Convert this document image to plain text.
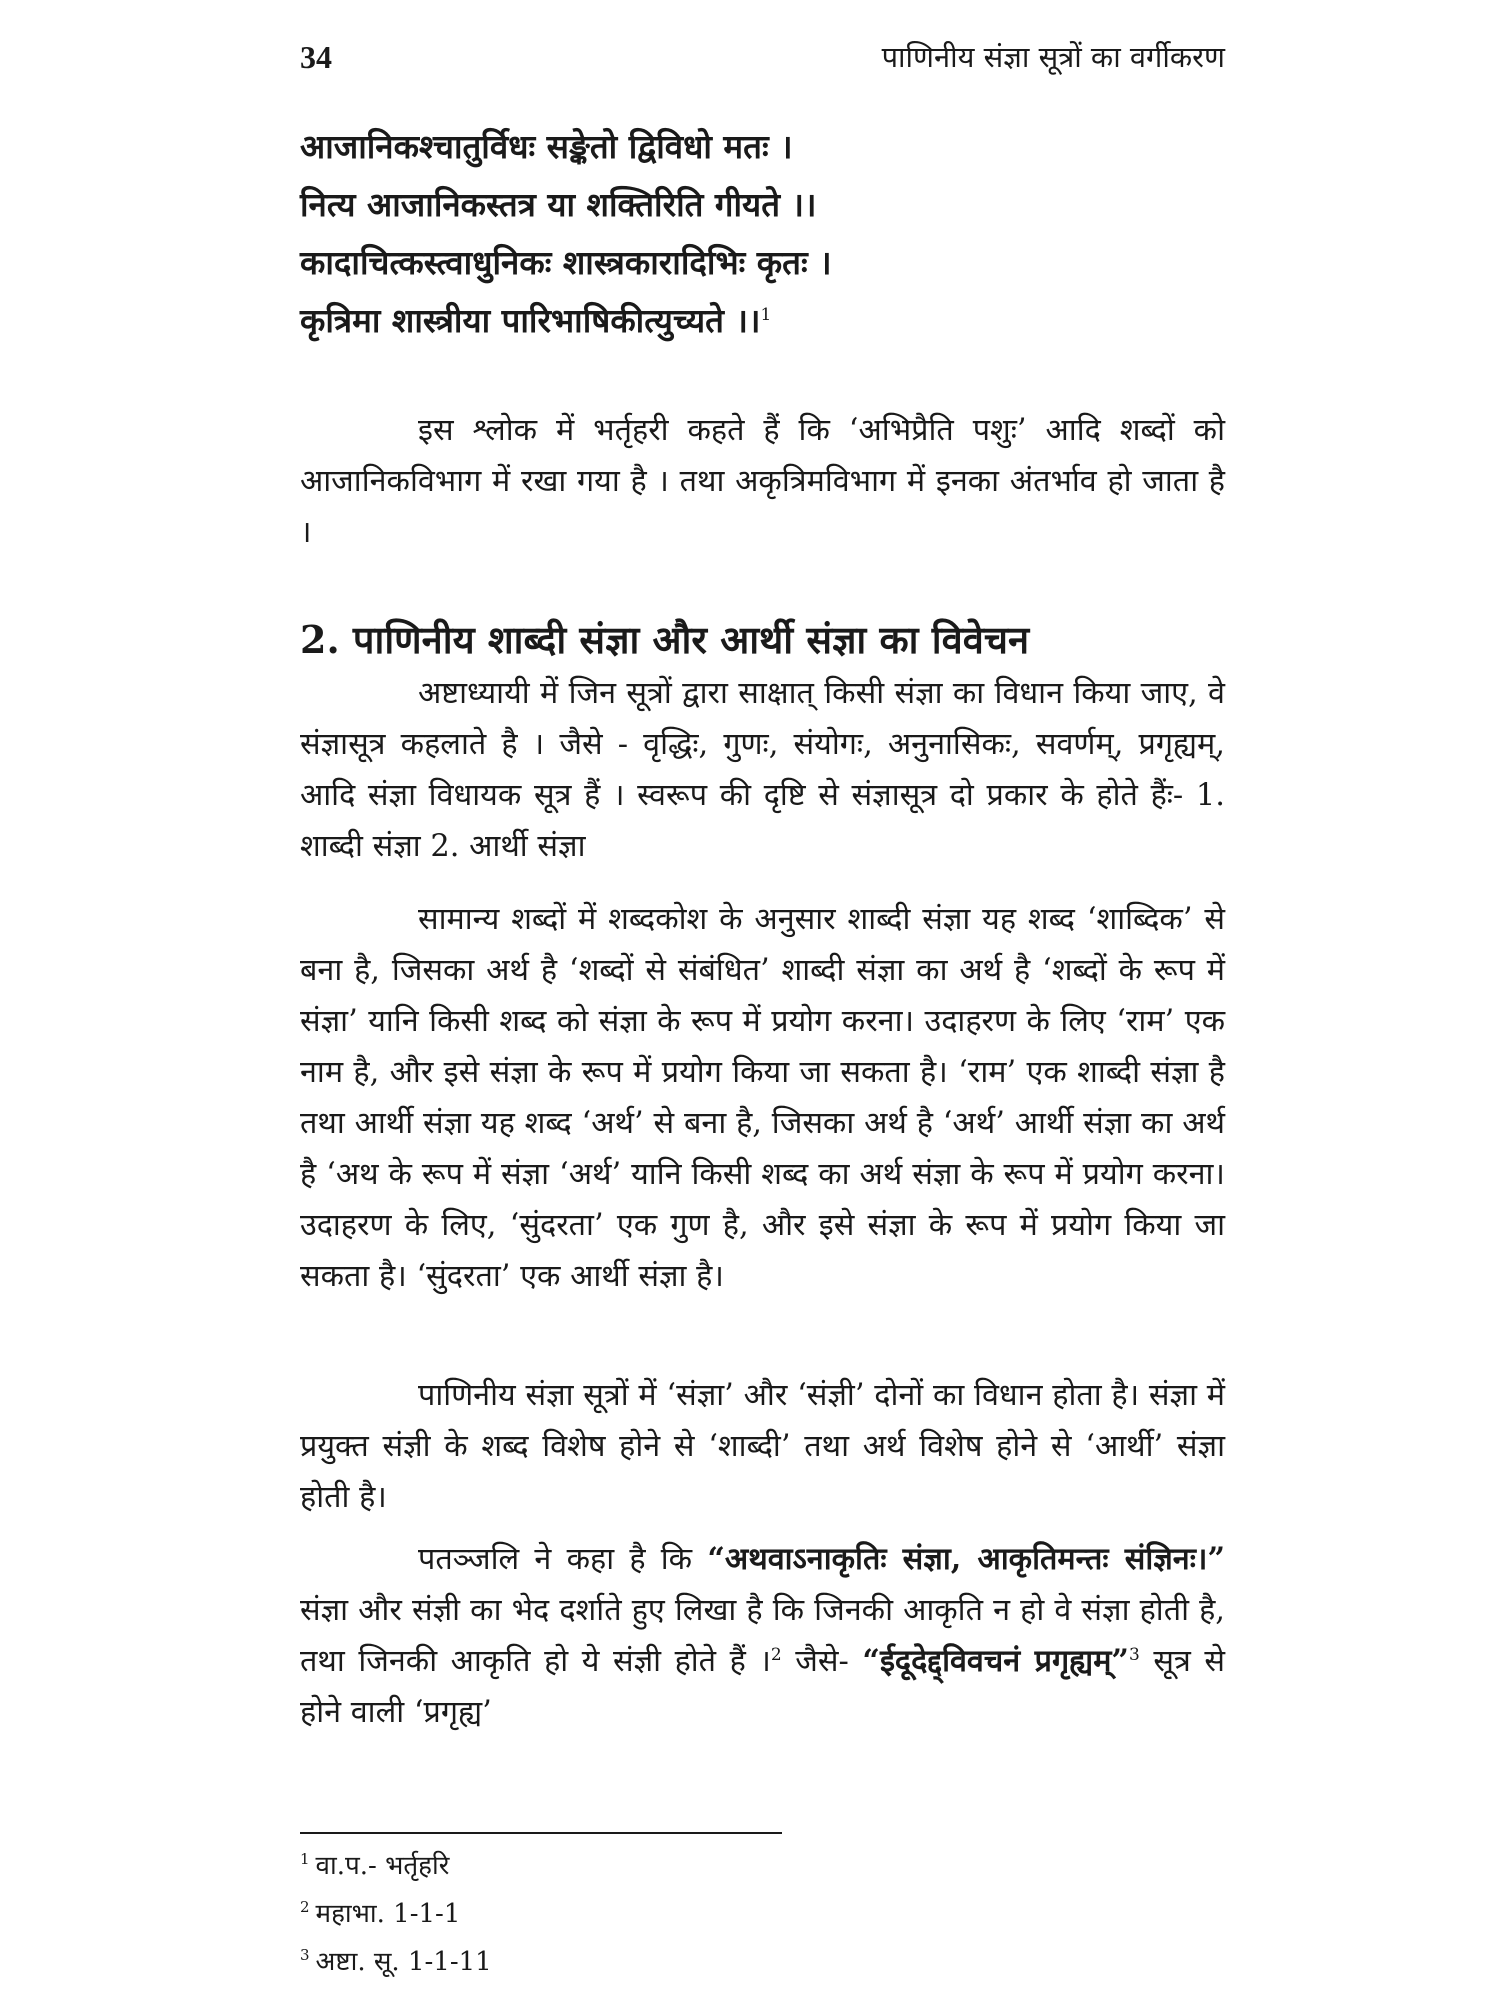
34	पाणिनीय संज्ञा सूत्रों का वर्गीकरण
आजानिकश्चातुर्विधः सङ्केतो द्विविधो मतः ।
नित्य आजानिकस्तत्र या शक्तिरिति गीयते ।।
कादाचित्कस्त्वाधुनिकः शास्त्रकारादिभिः कृतः ।
कृत्रिमा शास्त्रीया पारिभाषिकीत्युच्यते ।।$^1$

इस श्लोक में भर्तृहरी कहते हैं कि ‘अभिप्रैति पशुः’ आदि शब्दों को आजानिकविभाग में रखा गया है । तथा अकृत्रिमविभाग में इनका अंतर्भाव हो जाता है ।

2. पाणिनीय शाब्दी संज्ञा और आर्थी संज्ञा का विवेचन

अष्टाध्यायी में जिन सूत्रों द्वारा साक्षात् किसी संज्ञा का विधान किया जाए, वे संज्ञासूत्र कहलाते है । जैसे - वृद्धिः, गुणः, संयोगः, अनुनासिकः, सवर्णम्, प्रगृह्यम्, आदि संज्ञा विधायक सूत्र हैं । स्वरूप की दृष्टि से संज्ञासूत्र दो प्रकार के होते हैंः- 1. शाब्दी संज्ञा 2. आर्थी संज्ञा

सामान्य शब्दों में शब्दकोश के अनुसार शाब्दी संज्ञा यह शब्द ‘शाब्दिक’ से बना है, जिसका अर्थ है ‘शब्दों से संबंधित’ शाब्दी संज्ञा का अर्थ है ‘शब्दों के रूप में संज्ञा’ यानि किसी शब्द को संज्ञा के रूप में प्रयोग करना। उदाहरण के लिए ‘राम’ एक नाम है, और इसे संज्ञा के रूप में प्रयोग किया जा सकता है। ‘राम’ एक शाब्दी संज्ञा है तथा आर्थी संज्ञा यह शब्द ‘अर्थ’ से बना है, जिसका अर्थ है ‘अर्थ’ आर्थी संज्ञा का अर्थ है ‘अथ के रूप में संज्ञा ‘अर्थ’ यानि किसी शब्द का अर्थ संज्ञा के रूप में प्रयोग करना। उदाहरण के लिए, ‘सुंदरता’ एक गुण है, और इसे संज्ञा के रूप में प्रयोग किया जा सकता है। ‘सुंदरता’ एक आर्थी संज्ञा है।

पाणिनीय संज्ञा सूत्रों में ‘संज्ञा’ और ‘संज्ञी’ दोनों का विधान होता है। संज्ञा में प्रयुक्त संज्ञी के शब्द विशेष होने से ‘शाब्दी’ तथा अर्थ विशेष होने से ‘आर्थी’ संज्ञा होती है।

पतञ्जलि ने कहा है कि “अथवाऽनाकृतिः संज्ञा, आकृतिमन्तः संज्ञिनः।” संज्ञा और संज्ञी का भेद दर्शाते हुए लिखा है कि जिनकी आकृति न हो वे संज्ञा होती है, तथा जिनकी आकृति हो ये संज्ञी होते हैं ।$^2$ जैसे- “ईदूदेद्द्विवचनं प्रगृह्यम्”$^3$ सूत्र से होने वाली ‘प्रगृह्य’

$^1$ वा.प.- भर्तृहरि
$^2$ महाभा. 1-1-1
$^3$ अष्टा. सू. 1-1-11
